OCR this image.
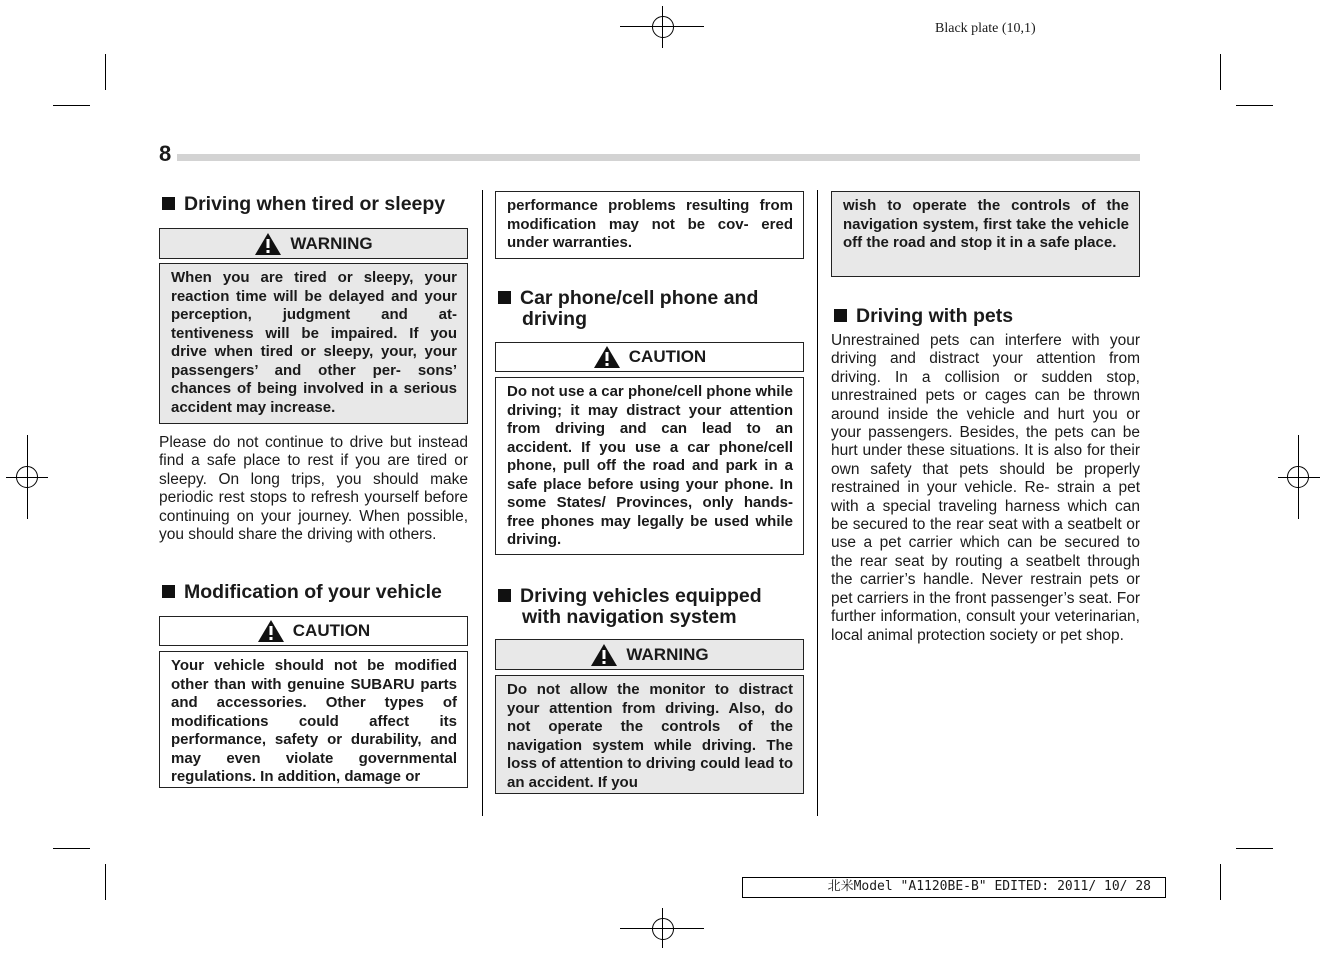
Black plate (10,1)
8
Driving when tired or sleepy
WARNING
When you are tired or sleepy, your reaction time will be delayed and your perception, judgment and at- tentiveness will be impaired. If you drive when tired or sleepy, your, your passengers’ and other per- sons’ chances of being involved in a serious accident may increase.
Please do not continue to drive but instead find a safe place to rest if you are tired or sleepy. On long trips, you should make periodic rest stops to refresh yourself before continuing on your journey. When possible, you should share the driving with others.
Modification of your vehicle
CAUTION
Your vehicle should not be modified other than with genuine SUBARU parts and accessories. Other types of modifications could affect its performance, safety or durability, and may even violate governmental regulations. In addition, damage or
performance problems resulting from modification may not be cov- ered under warranties.
Car phone/cell phone and
driving
CAUTION
Do not use a car phone/cell phone while driving; it may distract your attention from driving and can lead to an accident. If you use a car phone/cell phone, pull off the road and park in a safe place before using your phone. In some States/ Provinces, only hands-free phones may legally be used while driving.
Driving vehicles equipped
with navigation system
WARNING
Do not allow the monitor to distract your attention from driving. Also, do not operate the controls of the navigation system while driving. The loss of attention to driving could lead to an accident. If you
wish to operate the controls of the navigation system, first take the vehicle off the road and stop it in a safe place.
Driving with pets
Unrestrained pets can interfere with your driving and distract your attention from driving. In a collision or sudden stop, unrestrained pets or cages can be thrown around inside the vehicle and hurt you or your passengers. Besides, the pets can be hurt under these situations. It is also for their own safety that pets should be properly restrained in your vehicle. Re- strain a pet with a special traveling harness which can be secured to the rear seat with a seatbelt or use a pet carrier which can be secured to the rear seat by routing a seatbelt through the carrier’s handle. Never restrain pets or pet carriers in the front passenger’s seat. For further information, consult your veterinarian, local animal protection society or pet shop.
北米Model "A1120BE-B" EDITED: 2011/ 10/ 28
